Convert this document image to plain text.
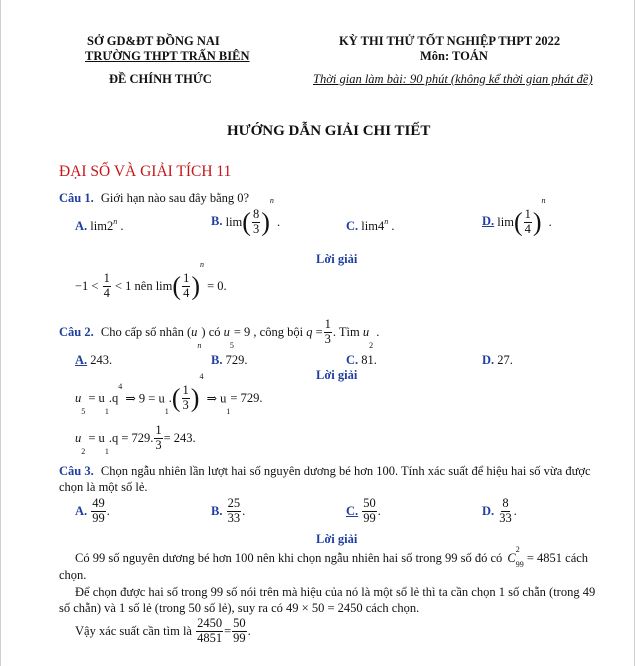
SỞ GD&ĐT ĐỒNG NAI
TRƯỜNG THPT TRẤN BIÊN
ĐỀ CHÍNH THỨC
KỲ THI THỬ TỐT NGHIỆP THPT 2022
Môn: TOÁN
Thời gian làm bài: 90 phút (không kể thời gian phát đề)
HƯỚNG DẪN GIẢI CHI TIẾT
ĐẠI SỐ VÀ GIẢI TÍCH 11
Câu 1. Giới hạn nào sau đây bằng 0?
A. lim2$^n$ .	B. $\lim( \frac{8}{3} )^n$ .	C. lim4$^n$ .	D. $\lim( \frac{1}{4} )^n$ .
Lời giải
$-1 < \frac{1}{4} < 1$ nên $\lim( \frac{1}{4} )^n = 0$.
Câu 2. Cho cấp số nhân $(u_n)$ có $u_5= 9$ , công bội $q = \frac{1}{3}$ . Tìm $u_2$ .
A. 243.	B. 729.	C. 81.	D. 27.
Lời giải
$u_5 = u_1.q^4$ ⇒ $9 = u_1.( \frac{1}{3} )^4$ ⇒ $u_1= 729$.
$u_2 = u_1.q = 729$. $\frac{1}{3} = 243$.
Câu 3. Chọn ngẫu nhiên lần lượt hai số nguyên dương bé hơn 100. Tính xác suất để hiệu hai số vừa được
chọn là một số lẻ.
A. $\frac{49}{99}$ .	B. $\frac{25}{33}$ .	C. $\frac{50}{99}$ .	D. $\frac{8}{33}$ .
Lời giải
Có 99 số nguyên dương bé hơn 100 nên khi chọn ngẫu nhiên hai số trong 99 số đó có $C^2_{99} = 4851$ cách
chọn.
Để chọn được hai số trong 99 số nói trên mà hiệu của nó là một số lẻ thì ta cần chọn 1 số chẵn (trong 49
số chẵn) và 1 số lẻ (trong 50 số lẻ), suy ra có 49 × 50 = 2450 cách chọn.
Vậy xác suất cần tìm là $\frac{2450}{4851} = \frac{50}{99}$ .
